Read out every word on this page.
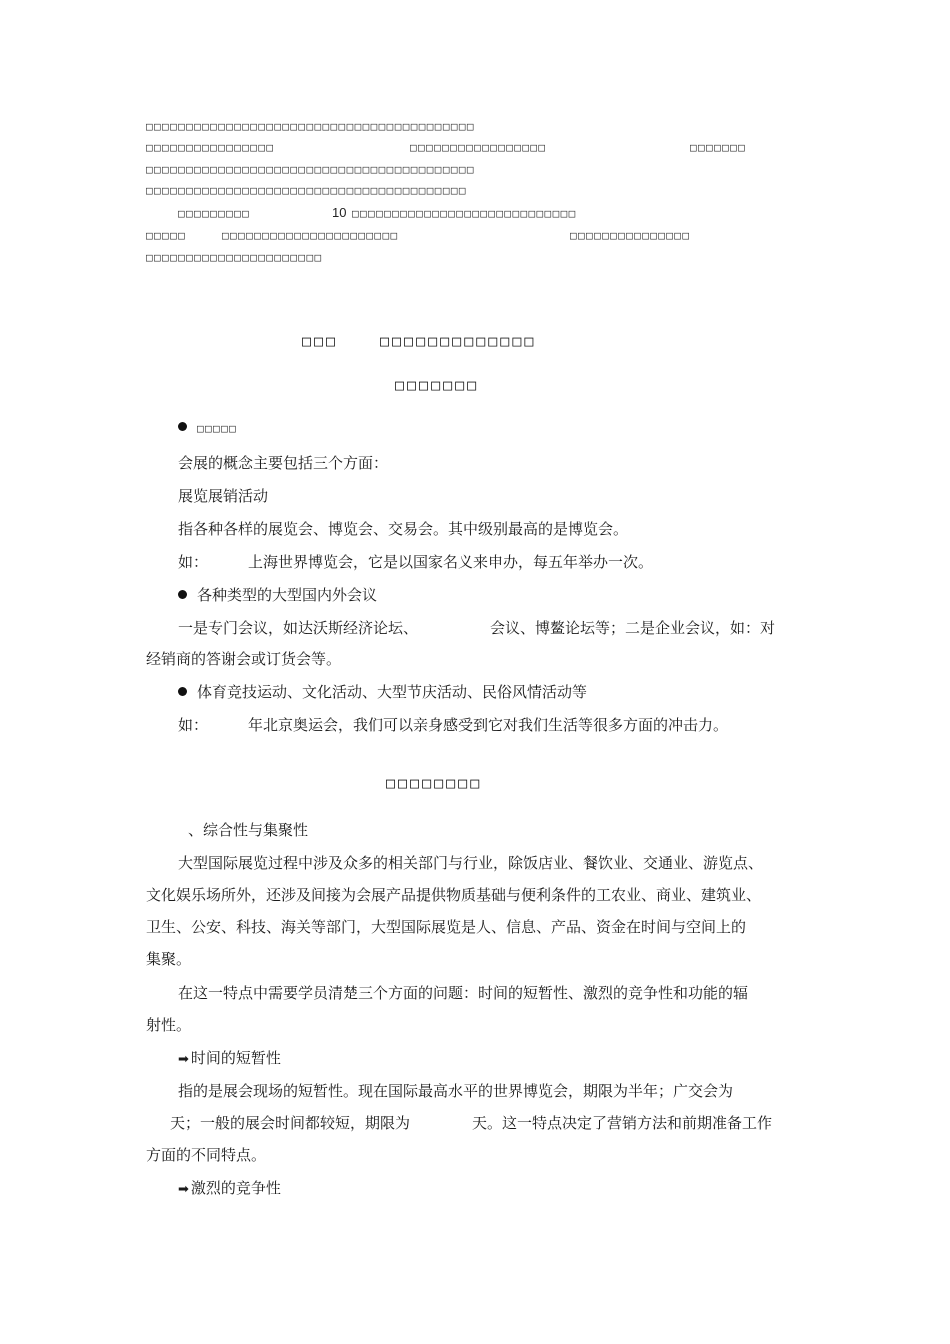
□□□□□□□□□□□□□□□□□□□□□□□□□□□□□□□□□□□□□□□□□
□□□□□□□□□□□□□□□□	□□□□□□□□□□□□□□□□□	□□□□□□□
□□□□□□□□□□□□□□□□□□□□□□□□□□□□□□□□□□□□□□□□□
□□□□□□□□□□□□□□□□□□□□□□□□□□□□□□□□□□□□□□□□
□□□□□□□□□	10 □□□□□□□□□□□□□□□□□□□□□□□□□□□□
□□□□□	□□□□□□□□□□□□□□□□□□□□□□	□□□□□□□□□□□□□□□
□□□□□□□□□□□□□□□□□□□□□□
□□□	□□□□□□□□□□□□□
□□□□□□□
□□□□□
会展的概念主要包括三个方面：
展览展销活动
指各种各样的展览会、博览会、交易会。其中级别最高的是博览会。
如：	上海世界博览会，它是以国家名义来申办，每五年举办一次。
各种类型的大型国内外会议
一是专门会议，如达沃斯经济论坛、	会议、博鳌论坛等；二是企业会议，如：对
经销商的答谢会或订货会等。
体育竞技运动、文化活动、大型节庆活动、民俗风情活动等
如：	年北京奥运会，我们可以亲身感受到它对我们生活等很多方面的冲击力。
□□□□□□□□
、综合性与集聚性
大型国际展览过程中涉及众多的相关部门与行业，除饭店业、餐饮业、交通业、游览点、
文化娱乐场所外，还涉及间接为会展产品提供物质基础与便利条件的工农业、商业、建筑业、
卫生、公安、科技、海关等部门，大型国际展览是人、信息、产品、资金在时间与空间上的
集聚。
在这一特点中需要学员清楚三个方面的问题：时间的短暂性、激烈的竞争性和功能的辐
射性。
➡ 时间的短暂性
指的是展会现场的短暂性。现在国际最高水平的世界博览会，期限为半年；广交会为
天；一般的展会时间都较短，期限为	天。这一特点决定了营销方法和前期准备工作
方面的不同特点。
➡ 激烈的竞争性
